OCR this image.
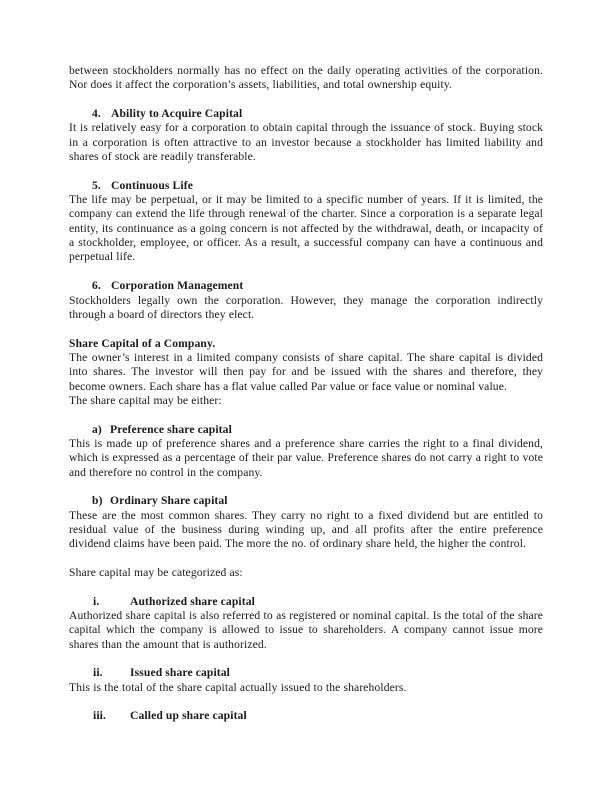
between stockholders normally has no effect on the daily operating activities of the corporation. Nor does it affect the corporation’s assets, liabilities, and total ownership equity.

4. Ability to Acquire Capital

It is relatively easy for a corporation to obtain capital through the issuance of stock. Buying stock in a corporation is often attractive to an investor because a stockholder has limited liability and shares of stock are readily transferable.

5. Continuous Life

The life may be perpetual, or it may be limited to a specific number of years. If it is limited, the company can extend the life through renewal of the charter. Since a corporation is a separate legal entity, its continuance as a going concern is not affected by the withdrawal, death, or incapacity of a stockholder, employee, or officer. As a result, a successful company can have a continuous and perpetual life.

6. Corporation Management

Stockholders legally own the corporation. However, they manage the corporation indirectly through a board of directors they elect.

Share Capital of a Company.

The owner’s interest in a limited company consists of share capital. The share capital is divided into shares. The investor will then pay for and be issued with the shares and therefore, they become owners. Each share has a flat value called Par value or face value or nominal value.

The share capital may be either:

a) Preference share capital

This is made up of preference shares and a preference share carries the right to a final dividend, which is expressed as a percentage of their par value. Preference shares do not carry a right to vote and therefore no control in the company.

b) Ordinary Share capital

These are the most common shares. They carry no right to a fixed dividend but are entitled to residual value of the business during winding up, and all profits after the entire preference dividend claims have been paid. The more the no. of ordinary share held, the higher the control.

Share capital may be categorized as:

i.	Authorized share capital

Authorized share capital is also referred to as registered or nominal capital. Is the total of the share capital which the company is allowed to issue to shareholders. A company cannot issue more shares than the amount that is authorized.

ii. Issued share capital

This is the total of the share capital actually issued to the shareholders.

iii. Called up share capital
